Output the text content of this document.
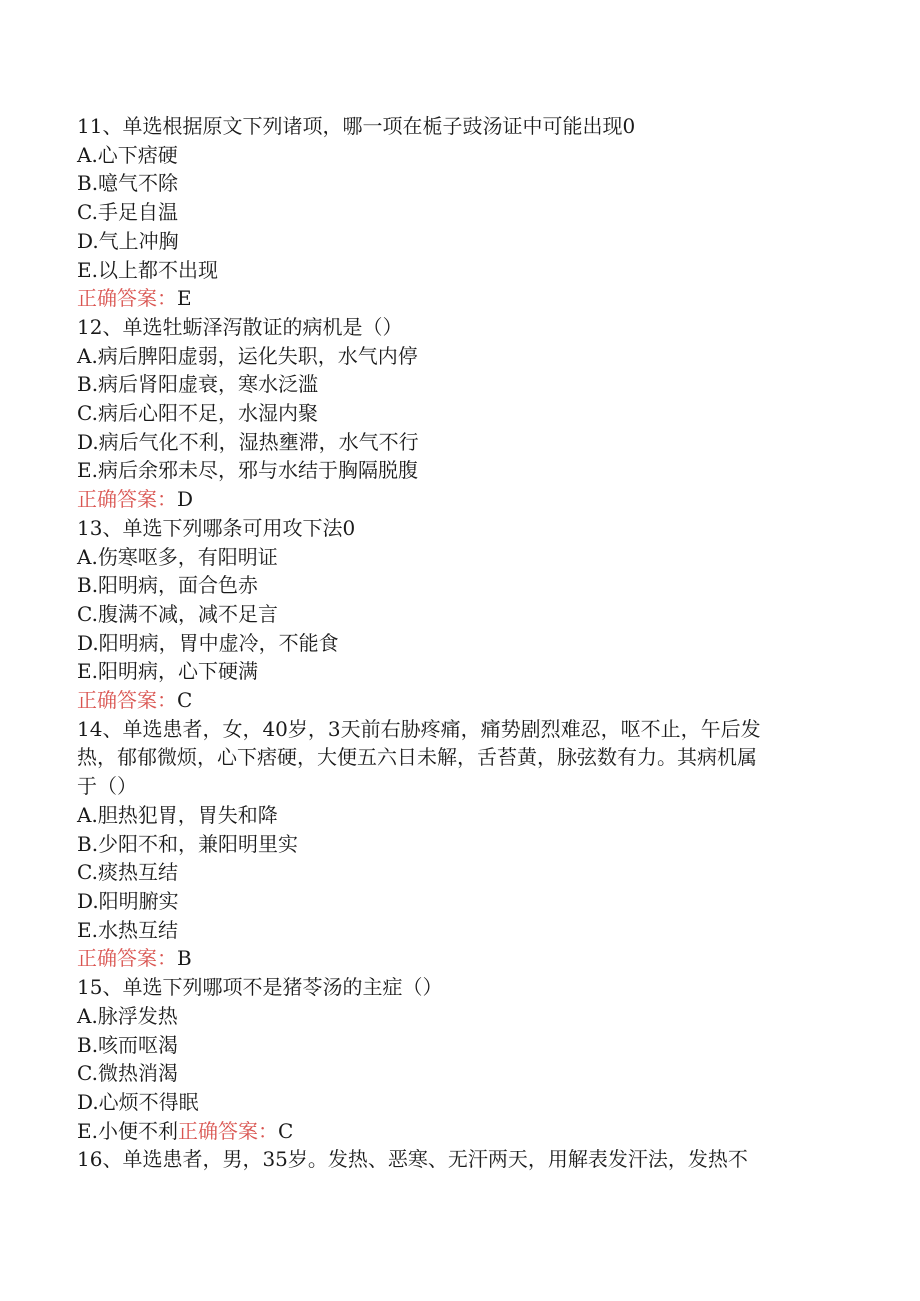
11、单选根据原文下列诸项，哪一项在栀子豉汤证中可能出现0
A.心下痞硬
B.噫气不除
C.手足自温
D.气上冲胸
E.以上都不出现
正确答案：E
12、单选牡蛎泽泻散证的病机是（）
A.病后脾阳虚弱，运化失职，水气内停
B.病后肾阳虚衰，寒水泛滥
C.病后心阳不足，水湿内聚
D.病后气化不利，湿热壅滞，水气不行
E.病后余邪未尽，邪与水结于胸隔脱腹
正确答案：D
13、单选下列哪条可用攻下法0
A.伤寒呕多，有阳明证
B.阳明病，面合色赤
C.腹满不减，减不足言
D.阳明病，胃中虚冷，不能食
E.阳明病，心下硬满
正确答案：C
14、单选患者，女，40岁，3天前右胁疼痛，痛势剧烈难忍，呕不止，午后发
热，郁郁微烦，心下痞硬，大便五六日未解，舌苔黄，脉弦数有力。其病机属
于（）
A.胆热犯胃，胃失和降
B.少阳不和，兼阳明里实
C.痰热互结
D.阳明腑实
E.水热互结
正确答案：B
15、单选下列哪项不是猪苓汤的主症（）
A.脉浮发热
B.咳而呕渴
C.微热消渴
D.心烦不得眠
E.小便不利正确答案：C
16、单选患者，男，35岁。发热、恶寒、无汗两天，用解表发汗法，发热不
